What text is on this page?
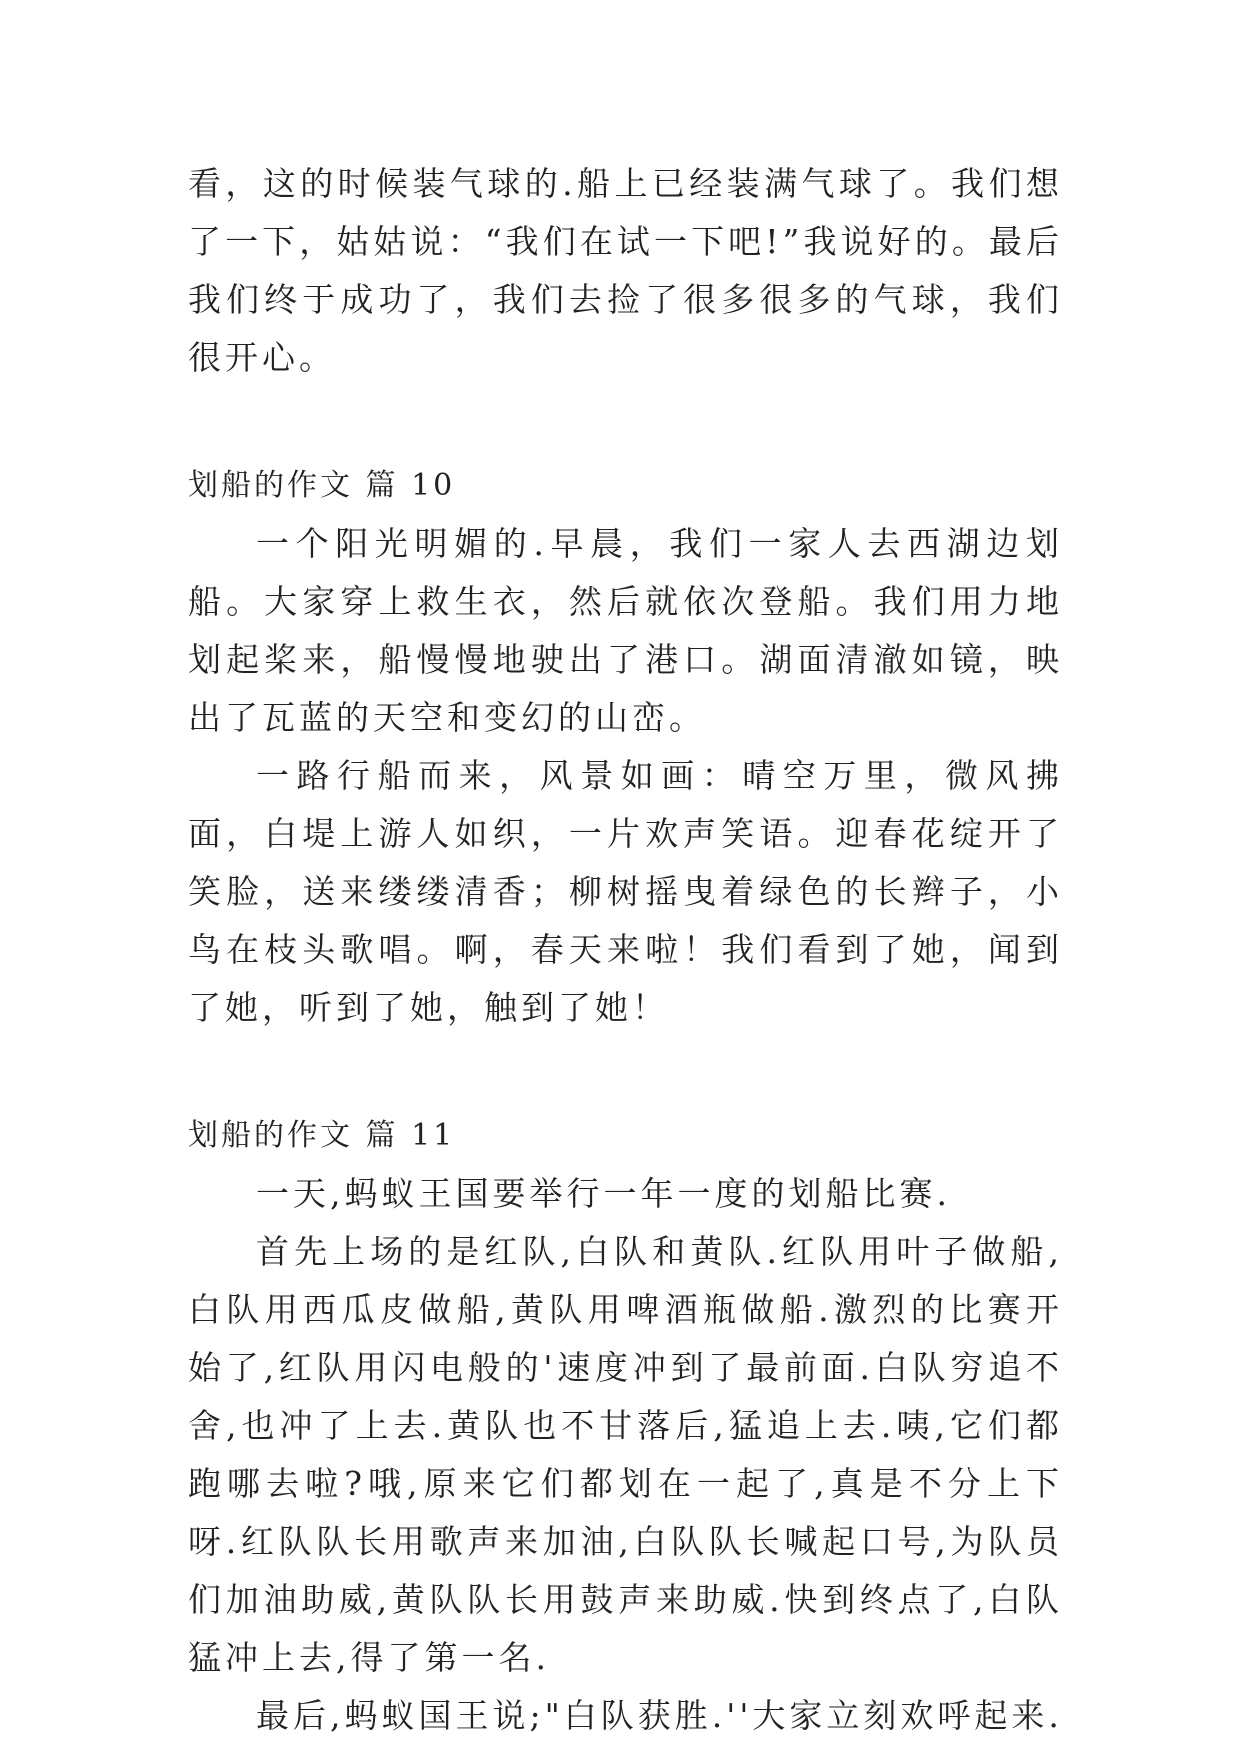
看，这的时候装气球的.船上已经装满气球了。我们想了一下，姑姑说：“我们在试一下吧!”我说好的。最后我们终于成功了，我们去捡了很多很多的气球，我们很开心。

划船的作文 篇 10

一个阳光明媚的.早晨，我们一家人去西湖边划船。大家穿上救生衣，然后就依次登船。我们用力地划起桨来，船慢慢地驶出了港口。湖面清澈如镜，映出了瓦蓝的天空和变幻的山峦。

一路行船而来，风景如画：晴空万里，微风拂面，白堤上游人如织，一片欢声笑语。迎春花绽开了笑脸，送来缕缕清香；柳树摇曳着绿色的长辫子，小鸟在枝头歌唱。啊，春天来啦！我们看到了她，闻到了她，听到了她，触到了她！

划船的作文 篇 11

一天,蚂蚁王国要举行一年一度的划船比赛.

首先上场的是红队,白队和黄队.红队用叶子做船,白队用西瓜皮做船,黄队用啤酒瓶做船.激烈的比赛开始了,红队用闪电般的'速度冲到了最前面.白队穷追不舍,也冲了上去.黄队也不甘落后,猛追上去.咦,它们都跑哪去啦?哦,原来它们都划在一起了,真是不分上下呀.红队队长用歌声来加油,白队队长喊起口号,为队员们加油助威,黄队队长用鼓声来助威.快到终点了,白队猛冲上去,得了第一名.

最后,蚂蚁国王说;"白队获胜.''大家立刻欢呼起来.
